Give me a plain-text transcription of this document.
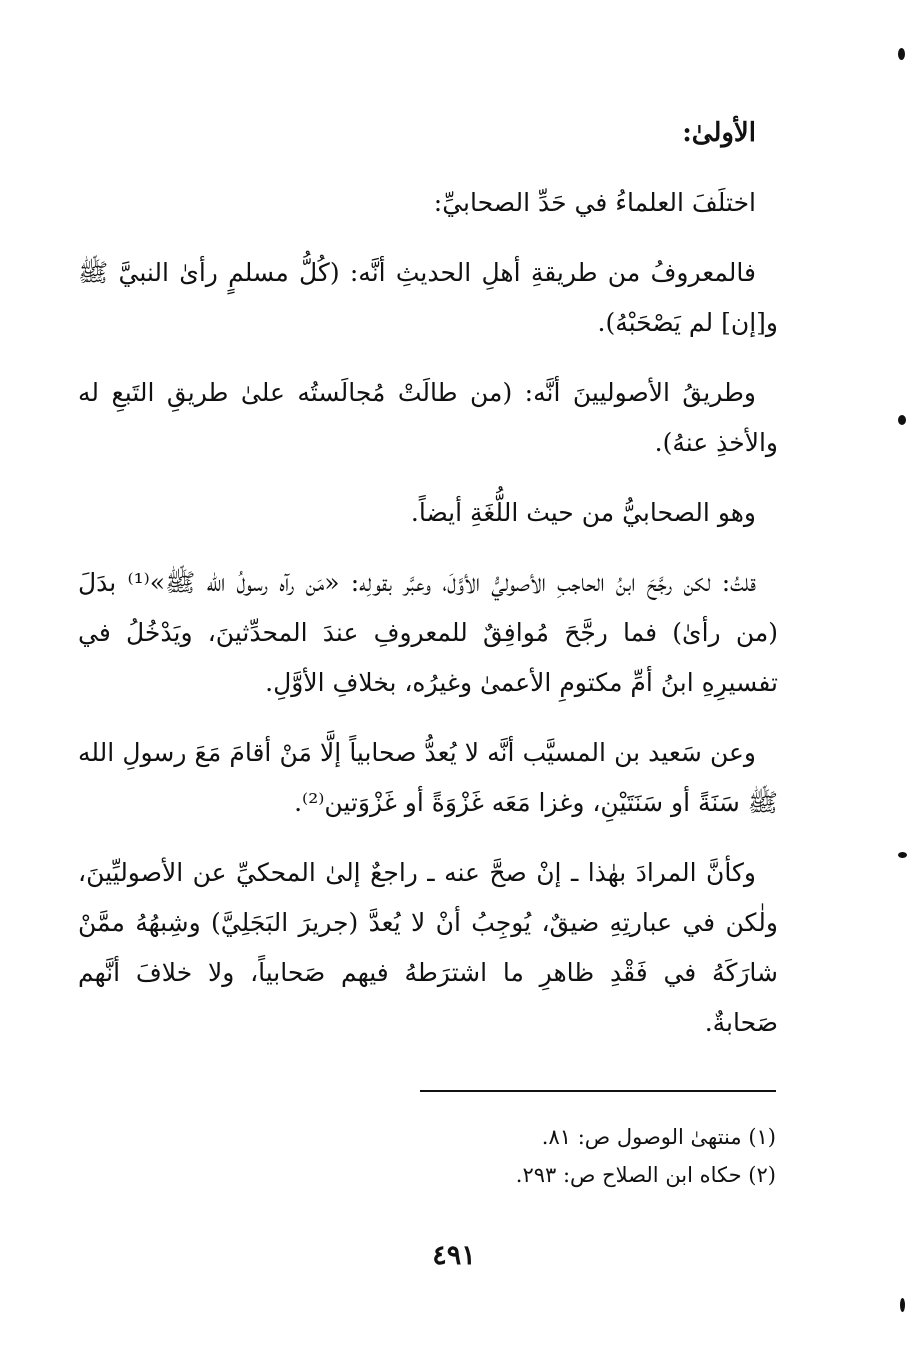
الأولىٰ:

اختلَفَ العلماءُ في حَدِّ الصحابيِّ:

فالمعروفُ من طريقةِ أهلِ الحديثِ أنَّه: (كُلُّ مسلمٍ رأىٰ النبيَّ ﷺ و[إن] لم يَصْحَبْهُ).

وطريقُ الأصوليينَ أنَّه: (من طالَتْ مُجالَستُه علىٰ طريقِ التَبعِ له والأخذِ عنهُ).

وهو الصحابيُّ من حيث اللُّغَةِ أيضاً.

قلتُ: لكن رجَّحَ ابنُ الحاجبِ الأصوليُّ الأوَّلَ، وعبَّر بقولِه: «مَن رآه رسولُ الله ﷺ»⁽¹⁾ بدَلَ (من رأىٰ) فما رجَّحَ مُوافِقٌ للمعروفِ عندَ المحدِّثينَ، ويَدْخُلُ في تفسيرِهِ ابنُ أمِّ مكتومِ الأعمىٰ وغيرُه، بخلافِ الأوَّلِ.

وعن سَعيد بن المسيَّب أنَّه لا يُعدُّ صحابياً إلَّا مَنْ أقامَ مَعَ رسولِ الله ﷺ سَنَةً أو سَنَتَيْنِ، وغزا مَعَه غَزْوَةً أو غَزْوَتين⁽²⁾.

وكأنَّ المرادَ بهٰذا ـ إنْ صحَّ عنه ـ راجعٌ إلىٰ المحكيِّ عن الأصوليِّينَ، ولٰكن في عبارتِهِ ضيقٌ، يُوجِبُ أنْ لا يُعدَّ (جريرَ البَجَلِيَّ) وشِبهُهُ ممَّنْ شارَكَهُ في فَقْدِ ظاهرِ ما اشترَطهُ فيهم صَحابياً، ولا خلافَ أنَّهم صَحابةٌ.

(١) منتهىٰ الوصول ص: ٨١.

(٢) حكاه ابن الصلاح ص: ٢٩٣.

٤٩١
